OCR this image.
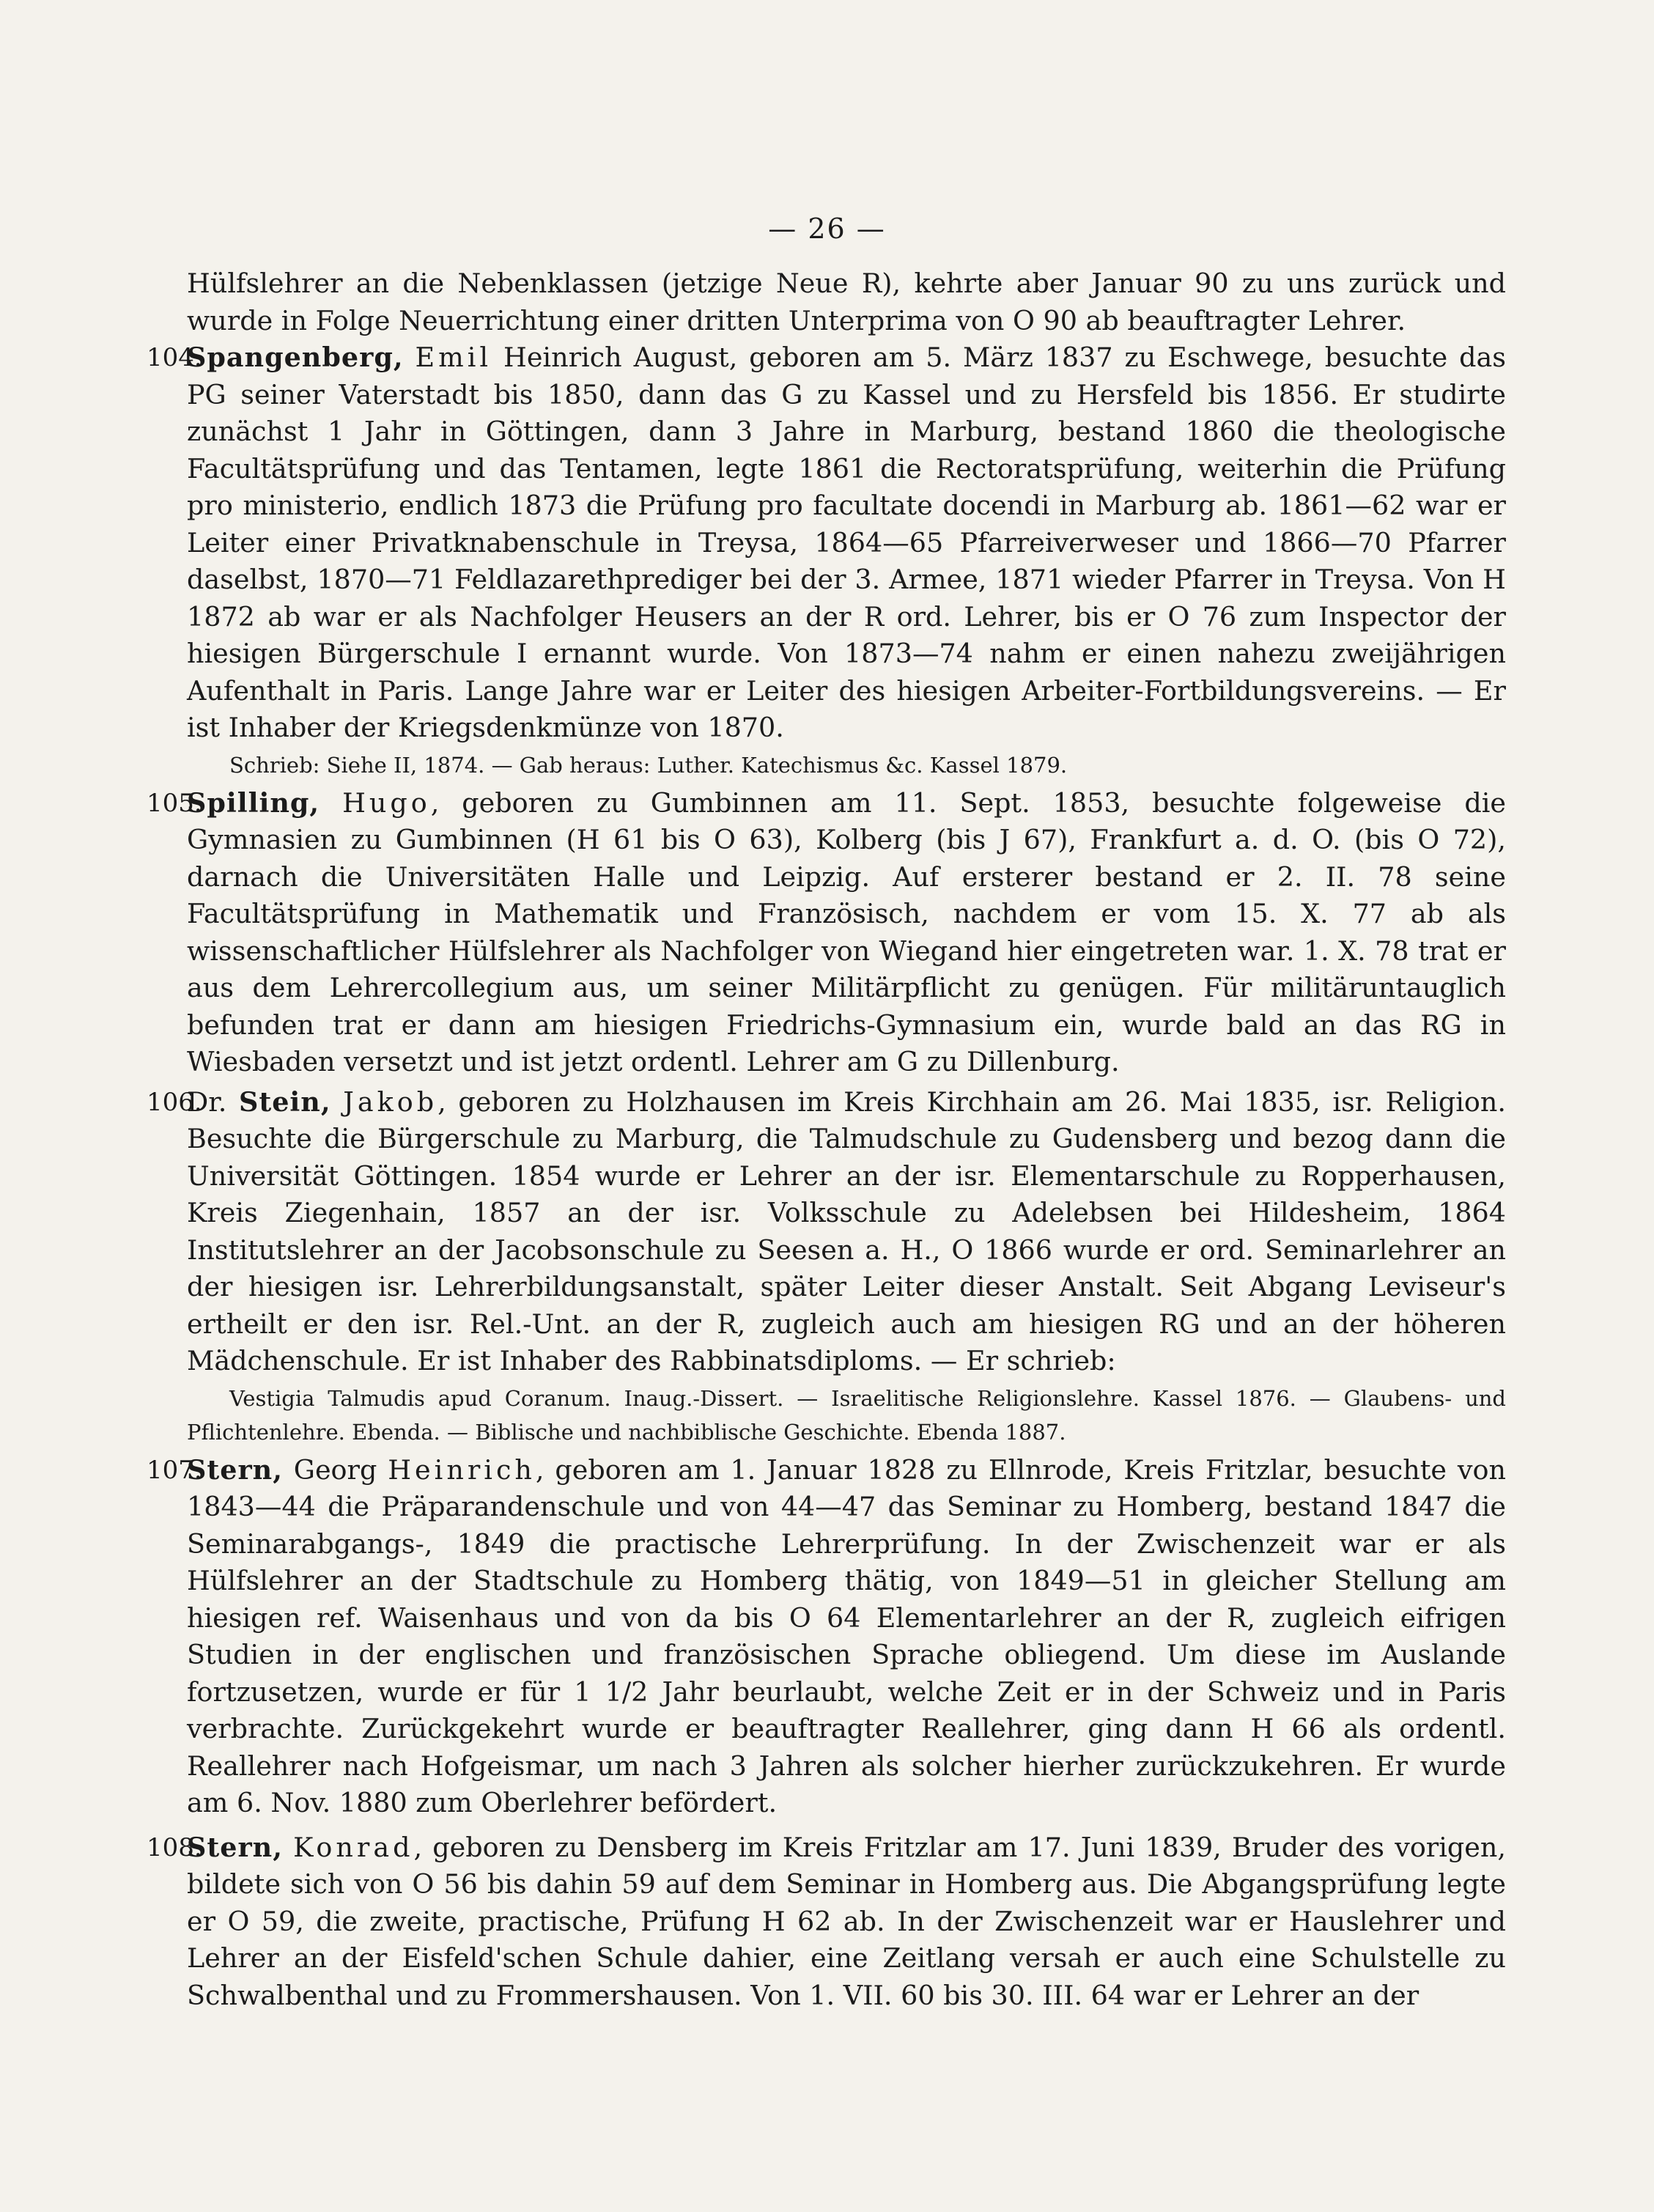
— 26 —

Hülfslehrer an die Nebenklassen (jetzige Neue R), kehrte aber Januar 90 zu uns zurück und wurde in Folge Neuerrichtung einer dritten Unterprima von O 90 ab beauftragter Lehrer.

104.

Spangenberg, Emil Heinrich August, geboren am 5. März 1837 zu Eschwege, besuchte das PG seiner Vaterstadt bis 1850, dann das G zu Kassel und zu Hersfeld bis 1856. Er studirte zunächst 1 Jahr in Göttingen, dann 3 Jahre in Marburg, bestand 1860 die theologische Facultätsprüfung und das Tentamen, legte 1861 die Rectoratsprüfung, weiterhin die Prüfung pro ministerio, endlich 1873 die Prüfung pro facultate docendi in Marburg ab. 1861—62 war er Leiter einer Privatknabenschule in Treysa, 1864—65 Pfarreiverweser und 1866—70 Pfarrer daselbst, 1870—71 Feldlazarethprediger bei der 3. Armee, 1871 wieder Pfarrer in Treysa. Von H 1872 ab war er als Nachfolger Heusers an der R ord. Lehrer, bis er O 76 zum Inspector der hiesigen Bürgerschule I ernannt wurde. Von 1873—74 nahm er einen nahezu zweijährigen Aufenthalt in Paris. Lange Jahre war er Leiter des hiesigen Arbeiter-Fortbildungsvereins. — Er ist Inhaber der Kriegsdenkmünze von 1870.

Schrieb: Siehe II, 1874. — Gab heraus: Luther. Katechismus &c. Kassel 1879.

105.

Spilling, Hugo, geboren zu Gumbinnen am 11. Sept. 1853, besuchte folgeweise die Gymnasien zu Gumbinnen (H 61 bis O 63), Kolberg (bis J 67), Frankfurt a. d. O. (bis O 72), darnach die Universitäten Halle und Leipzig. Auf ersterer bestand er 2. II. 78 seine Facultätsprüfung in Mathematik und Französisch, nachdem er vom 15. X. 77 ab als wissenschaftlicher Hülfslehrer als Nachfolger von Wiegand hier eingetreten war. 1. X. 78 trat er aus dem Lehrercollegium aus, um seiner Militärpflicht zu genügen. Für militäruntauglich befunden trat er dann am hiesigen Friedrichs-Gymnasium ein, wurde bald an das RG in Wiesbaden versetzt und ist jetzt ordentl. Lehrer am G zu Dillenburg.

106.

Dr. Stein, Jakob, geboren zu Holzhausen im Kreis Kirchhain am 26. Mai 1835, isr. Religion. Besuchte die Bürgerschule zu Marburg, die Talmudschule zu Gudensberg und bezog dann die Universität Göttingen. 1854 wurde er Lehrer an der isr. Elementarschule zu Ropperhausen, Kreis Ziegenhain, 1857 an der isr. Volksschule zu Adelebsen bei Hildesheim, 1864 Institutslehrer an der Jacobsonschule zu Seesen a. H., O 1866 wurde er ord. Seminarlehrer an der hiesigen isr. Lehrerbildungsanstalt, später Leiter dieser Anstalt. Seit Abgang Leviseur's ertheilt er den isr. Rel.-Unt. an der R, zugleich auch am hiesigen RG und an der höheren Mädchenschule. Er ist Inhaber des Rabbinatsdiploms. — Er schrieb:

Vestigia Talmudis apud Coranum. Inaug.-Dissert. — Israelitische Religionslehre. Kassel 1876. — Glaubens- und Pflichtenlehre. Ebenda. — Biblische und nachbiblische Geschichte. Ebenda 1887.

107.

Stern, Georg Heinrich, geboren am 1. Januar 1828 zu Ellnrode, Kreis Fritzlar, besuchte von 1843—44 die Präparandenschule und von 44—47 das Seminar zu Homberg, bestand 1847 die Seminarabgangs-, 1849 die practische Lehrerprüfung. In der Zwischenzeit war er als Hülfslehrer an der Stadtschule zu Homberg thätig, von 1849—51 in gleicher Stellung am hiesigen ref. Waisenhaus und von da bis O 64 Elementarlehrer an der R, zugleich eifrigen Studien in der englischen und französischen Sprache obliegend. Um diese im Auslande fortzusetzen, wurde er für 1 1/2 Jahr beurlaubt, welche Zeit er in der Schweiz und in Paris verbrachte. Zurückgekehrt wurde er beauftragter Reallehrer, ging dann H 66 als ordentl. Reallehrer nach Hofgeismar, um nach 3 Jahren als solcher hierher zurückzukehren. Er wurde am 6. Nov. 1880 zum Oberlehrer befördert.

108.

Stern, Konrad, geboren zu Densberg im Kreis Fritzlar am 17. Juni 1839, Bruder des vorigen, bildete sich von O 56 bis dahin 59 auf dem Seminar in Homberg aus. Die Abgangsprüfung legte er O 59, die zweite, practische, Prüfung H 62 ab. In der Zwischenzeit war er Hauslehrer und Lehrer an der Eisfeld'schen Schule dahier, eine Zeitlang versah er auch eine Schulstelle zu Schwalbenthal und zu Frommershausen. Von 1. VII. 60 bis 30. III. 64 war er Lehrer an der
